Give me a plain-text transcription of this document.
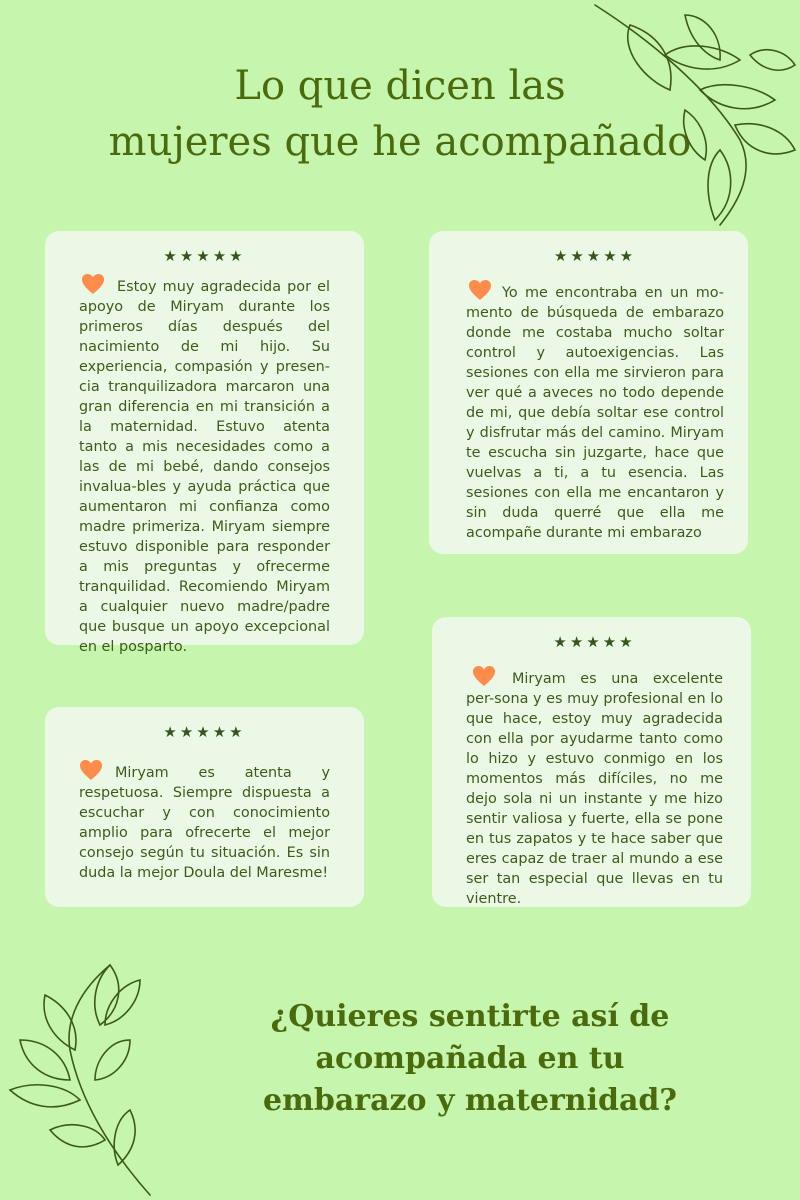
Lo que dicen las
mujeres que he acompañado
★★★★★

Estoy muy agradecida por el apoyo de Miryam durante los primeros días después del nacimiento de mi hijo. Su experiencia, compasión y presen-cia tranquilizadora marcaron una gran diferencia en mi transición a la maternidad. Estuvo atenta tanto a mis necesidades como a las de mi bebé, dando consejos invalua-bles y ayuda práctica que aumentaron mi confianza como madre primeriza. Miryam siempre estuvo disponible para responder a mis preguntas y ofrecerme tranquilidad. Recomiendo Miryam a cualquier nuevo madre/padre que busque un apoyo excepcional en el posparto.

★★★★★

Yo me encontraba en un mo-mento de búsqueda de embarazo donde me costaba mucho soltar control y autoexigencias. Las sesiones con ella me sirvieron para ver qué a aveces no todo depende de mi, que debía soltar ese control y disfrutar más del camino. Miryam te escucha sin juzgarte, hace que vuelvas a ti, a tu esencia. Las sesiones con ella me encantaron y sin duda querré que ella me acompañe durante mi embarazo

★★★★★

Miryam es atenta y respetuosa. Siempre dispuesta a escuchar y con conocimiento amplio para ofrecerte el mejor consejo según tu situación. Es sin duda la mejor Doula del Maresme!

★★★★★

Miryam es una excelente per-sona y es muy profesional en lo que hace, estoy muy agradecida con ella por ayudarme tanto como lo hizo y estuvo conmigo en los momentos más difíciles, no me dejo sola ni un instante y me hizo sentir valiosa y fuerte, ella se pone en tus zapatos y te hace saber que eres capaz de traer al mundo a ese ser tan especial que llevas en tu vientre.

¿Quieres sentirte así de acompañada en tu embarazo y maternidad?
